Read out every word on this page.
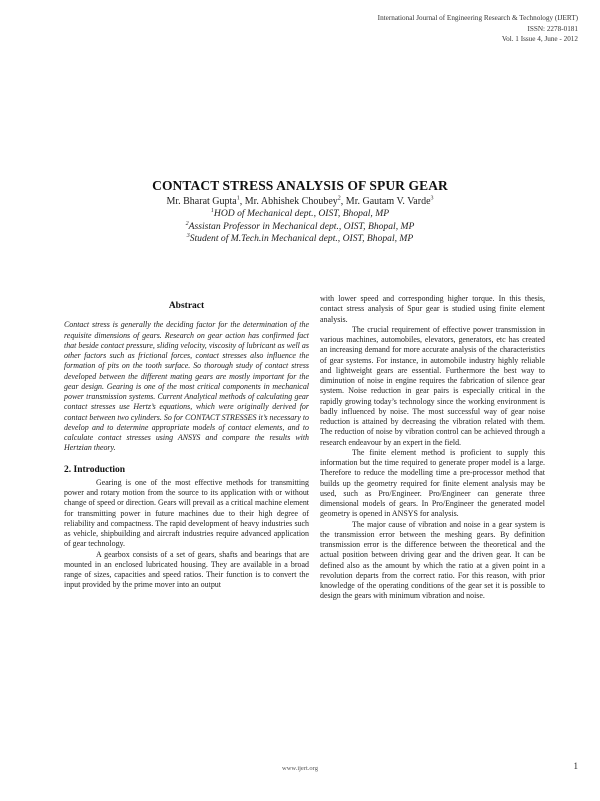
International Journal of Engineering Research & Technology (IJERT)
ISSN: 2278-0181
Vol. 1 Issue 4, June - 2012
CONTACT STRESS ANALYSIS OF SPUR GEAR
Mr. Bharat Gupta$^1$, Mr. Abhishek Choubey$^2$, Mr. Gautam V. Varde$^3$
$^1$HOD of Mechanical dept., OIST, Bhopal, MP
$^2$Assistan Professor in Mechanical dept., OIST, Bhopal, MP
$^3$Student of M.Tech.in Mechanical dept., OIST, Bhopal, MP
Abstract

Contact stress is generally the deciding factor for the determination of the requisite dimensions of gears. Research on gear action has confirmed fact that beside contact pressure, sliding velocity, viscosity of lubricant as well as other factors such as frictional forces, contact stresses also influence the formation of pits on the tooth surface. So thorough study of contact stress developed between the different mating gears are mostly important for the gear design. Gearing is one of the most critical components in mechanical power transmission systems. Current Analytical methods of calculating gear contact stresses use Hertz’s equations, which were originally derived for contact between two cylinders. So for CONTACT STRESSES it’s necessary to develop and to determine appropriate models of contact elements, and to calculate contact stresses using ANSYS and compare the results with Hertzian theory.

2. Introduction

Gearing is one of the most effective methods for transmitting power and rotary motion from the source to its application with or without change of speed or direction. Gears will prevail as a critical machine element for transmitting power in future machines due to their high degree of reliability and compactness. The rapid development of heavy industries such as vehicle, shipbuilding and aircraft industries require advanced application of gear technology.

A gearbox consists of a set of gears, shafts and bearings that are mounted in an enclosed lubricated housing. They are available in a broad range of sizes, capacities and speed ratios. Their function is to convert the input provided by the prime mover into an output

with lower speed and corresponding higher torque. In this thesis, contact stress analysis of Spur gear is studied using finite element analysis.

The crucial requirement of effective power transmission in various machines, automobiles, elevators, generators, etc has created an increasing demand for more accurate analysis of the characteristics of gear systems. For instance, in automobile industry highly reliable and lightweight gears are essential. Furthermore the best way to diminution of noise in engine requires the fabrication of silence gear system. Noise reduction in gear pairs is especially critical in the rapidly growing today’s technology since the working environment is badly influenced by noise. The most successful way of gear noise reduction is attained by decreasing the vibration related with them. The reduction of noise by vibration control can be achieved through a research endeavour by an expert in the field.

The finite element method is proficient to supply this information but the time required to generate proper model is a large. Therefore to reduce the modelling time a pre-processor method that builds up the geometry required for finite element analysis may be used, such as Pro/Engineer. Pro/Engineer can generate three dimensional models of gears. In Pro/Engineer the generated model geometry is opened in ANSYS for analysis.

The major cause of vibration and noise in a gear system is the transmission error between the meshing gears. By definition transmission error is the difference between the theoretical and the actual position between driving gear and the driven gear. It can be defined also as the amount by which the ratio at a given point in a revolution departs from the correct ratio. For this reason, with prior knowledge of the operating conditions of the gear set it is possible to design the gears with minimum vibration and noise.

www.ijert.org	1
